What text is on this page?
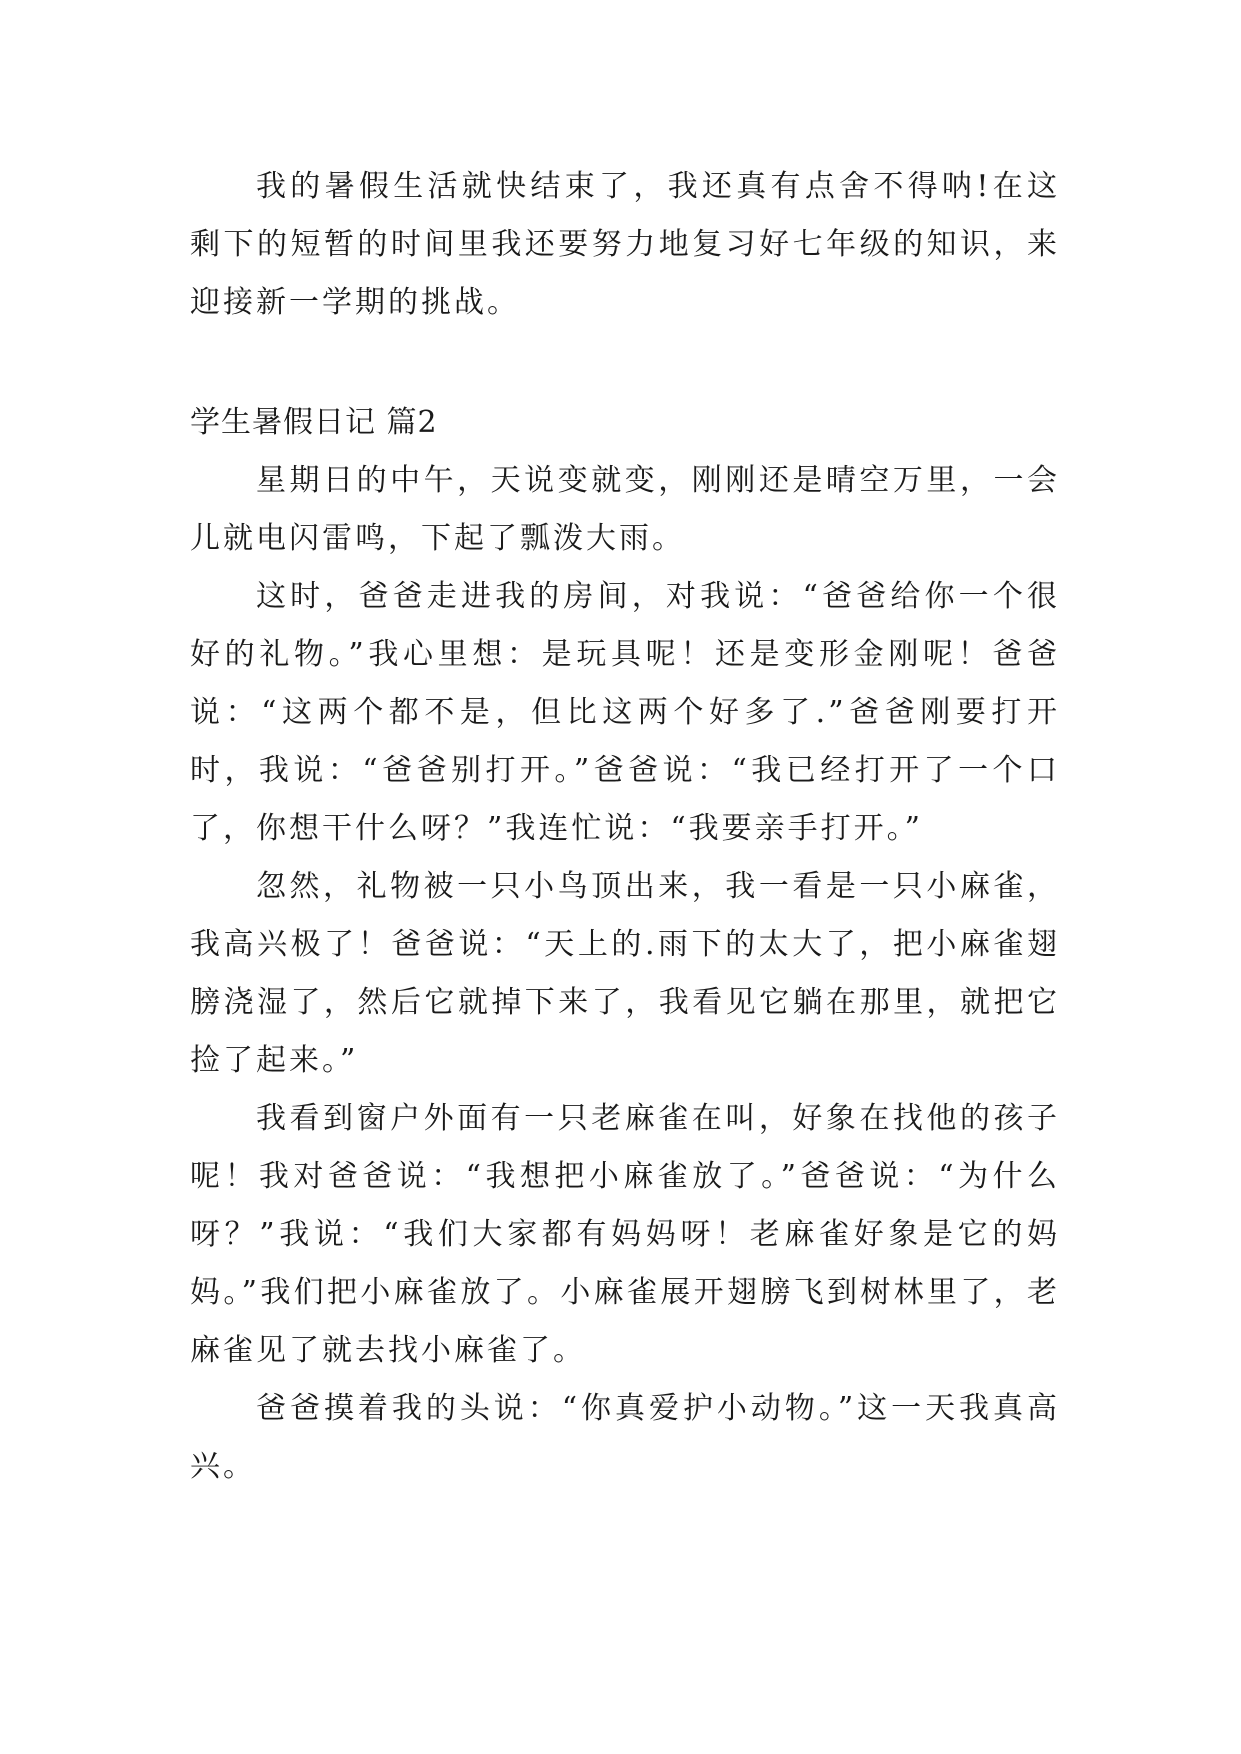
我的暑假生活就快结束了，我还真有点舍不得呐!在这剩下的短暂的时间里我还要努力地复习好七年级的知识，来迎接新一学期的挑战。

学生暑假日记 篇2

星期日的中午，天说变就变，刚刚还是晴空万里，一会儿就电闪雷鸣，下起了瓢泼大雨。

这时，爸爸走进我的房间，对我说：“爸爸给你一个很好的礼物。”我心里想：是玩具呢！还是变形金刚呢！爸爸说：“这两个都不是，但比这两个好多了.”爸爸刚要打开时，我说：“爸爸别打开。”爸爸说：“我已经打开了一个口了，你想干什么呀？”我连忙说：“我要亲手打开。”

忽然，礼物被一只小鸟顶出来，我一看是一只小麻雀，我高兴极了！爸爸说：“天上的.雨下的太大了，把小麻雀翅膀浇湿了，然后它就掉下来了，我看见它躺在那里，就把它捡了起来。”

我看到窗户外面有一只老麻雀在叫，好象在找他的孩子呢！我对爸爸说：“我想把小麻雀放了。”爸爸说：“为什么呀？”我说：“我们大家都有妈妈呀！老麻雀好象是它的妈妈。”我们把小麻雀放了。小麻雀展开翅膀飞到树林里了，老麻雀见了就去找小麻雀了。

爸爸摸着我的头说：“你真爱护小动物。”这一天我真高兴。
